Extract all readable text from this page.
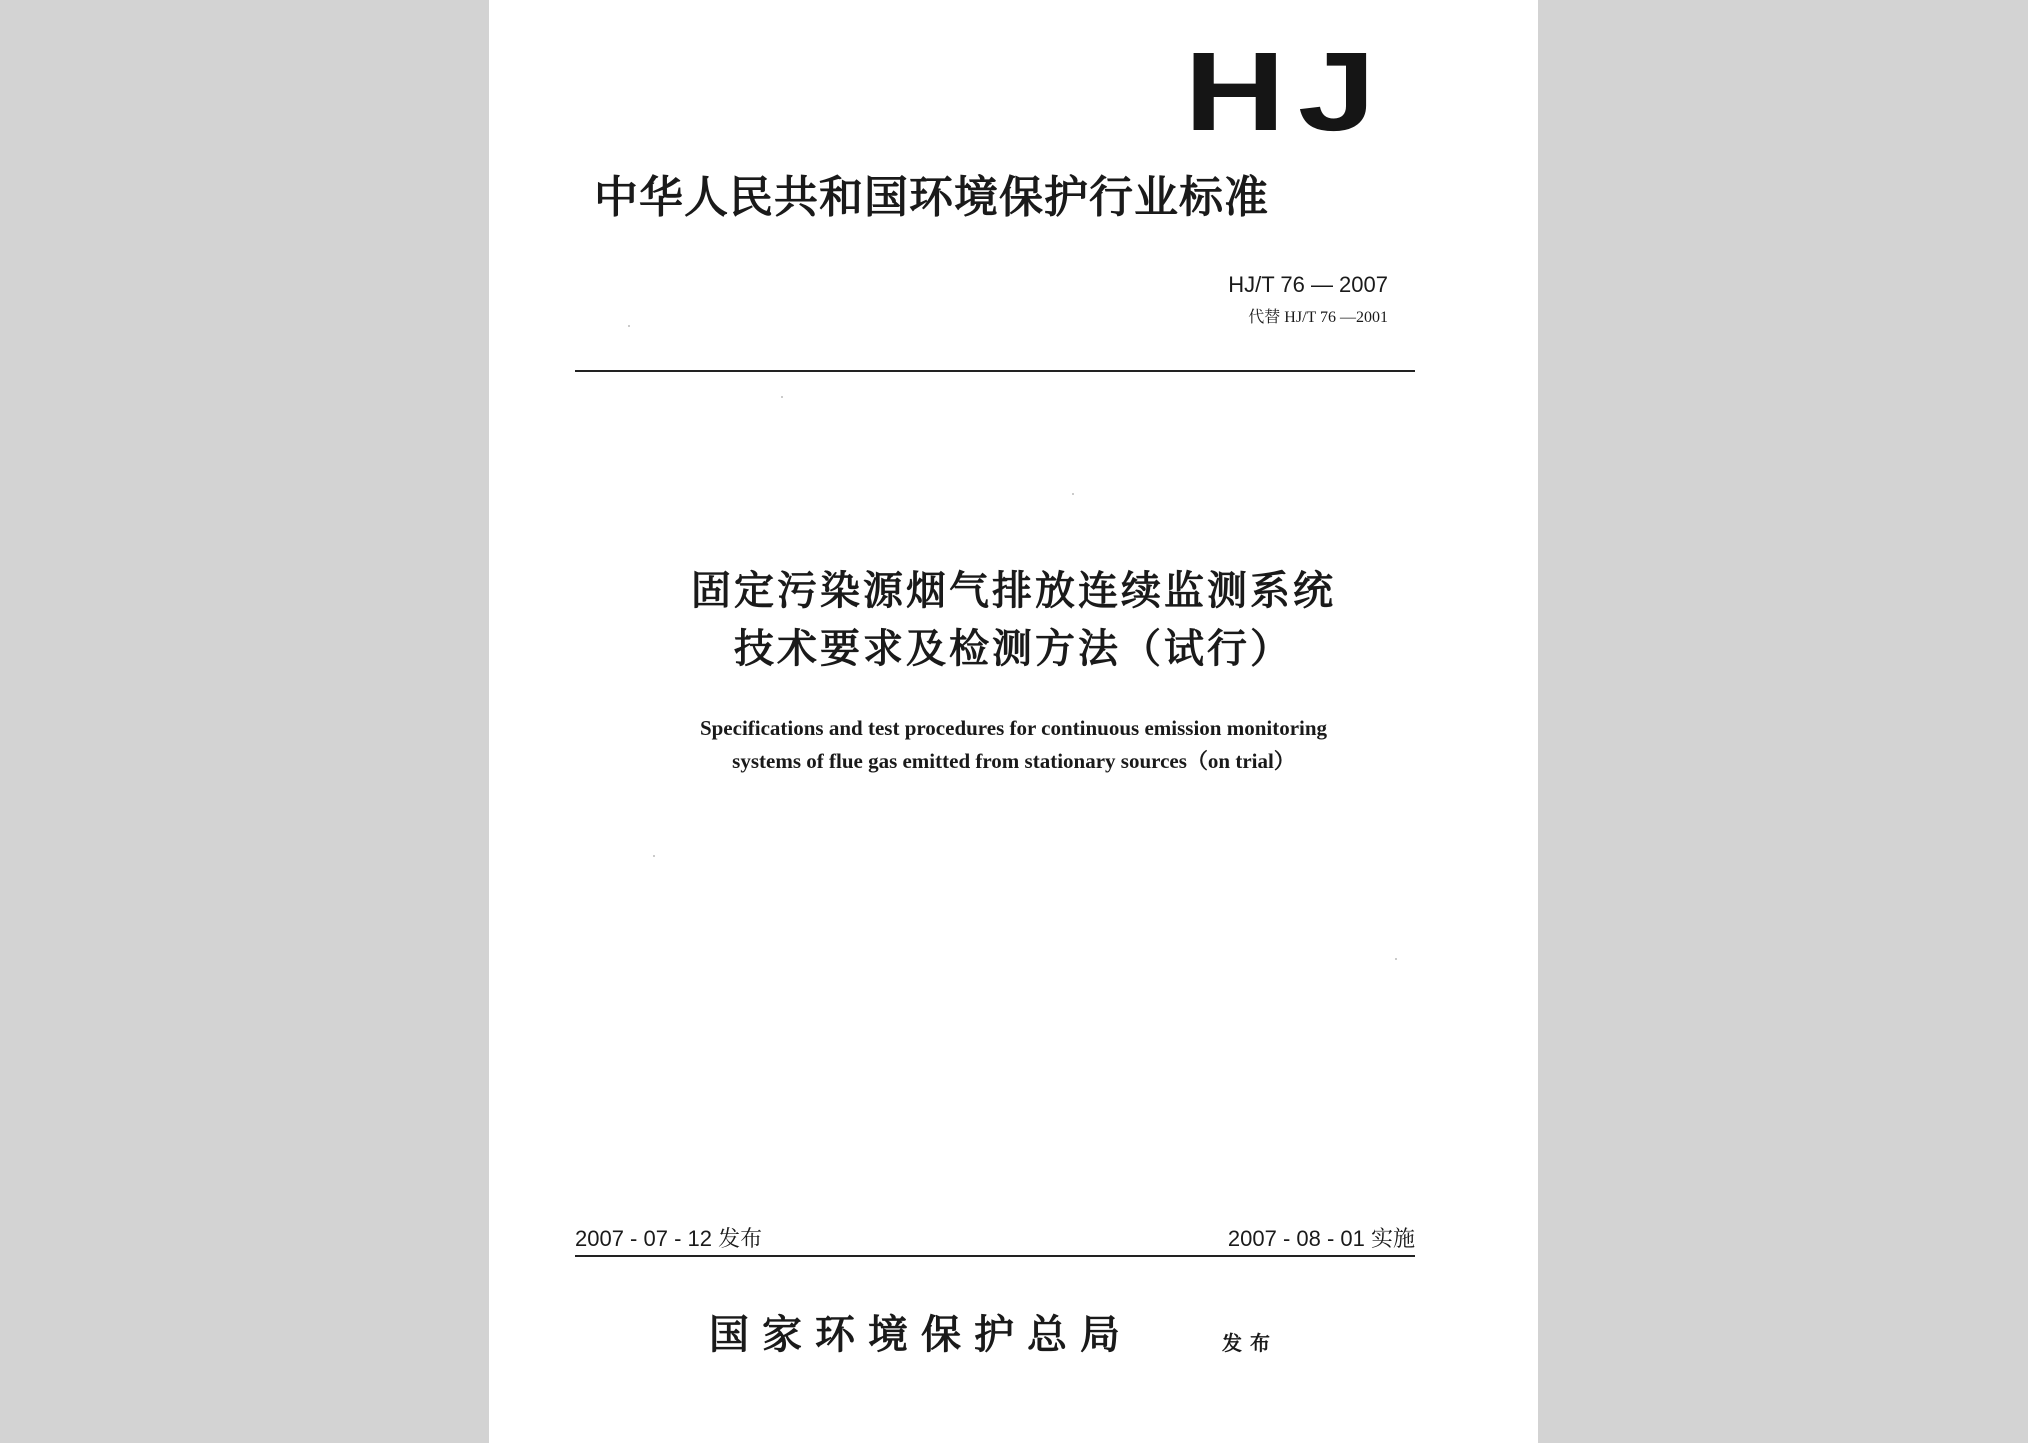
HJ
中华人民共和国环境保护行业标准
HJ/T 76 — 2007
代替 HJ/T 76 —2001
固定污染源烟气排放连续监测系统
技术要求及检测方法（试行）
Specifications and test procedures for continuous emission monitoring
systems of flue gas emitted from stationary sources（on trial）
2007 - 07 - 12 发布	2007 - 08 - 01 实施
国家环境保护总局	发布
